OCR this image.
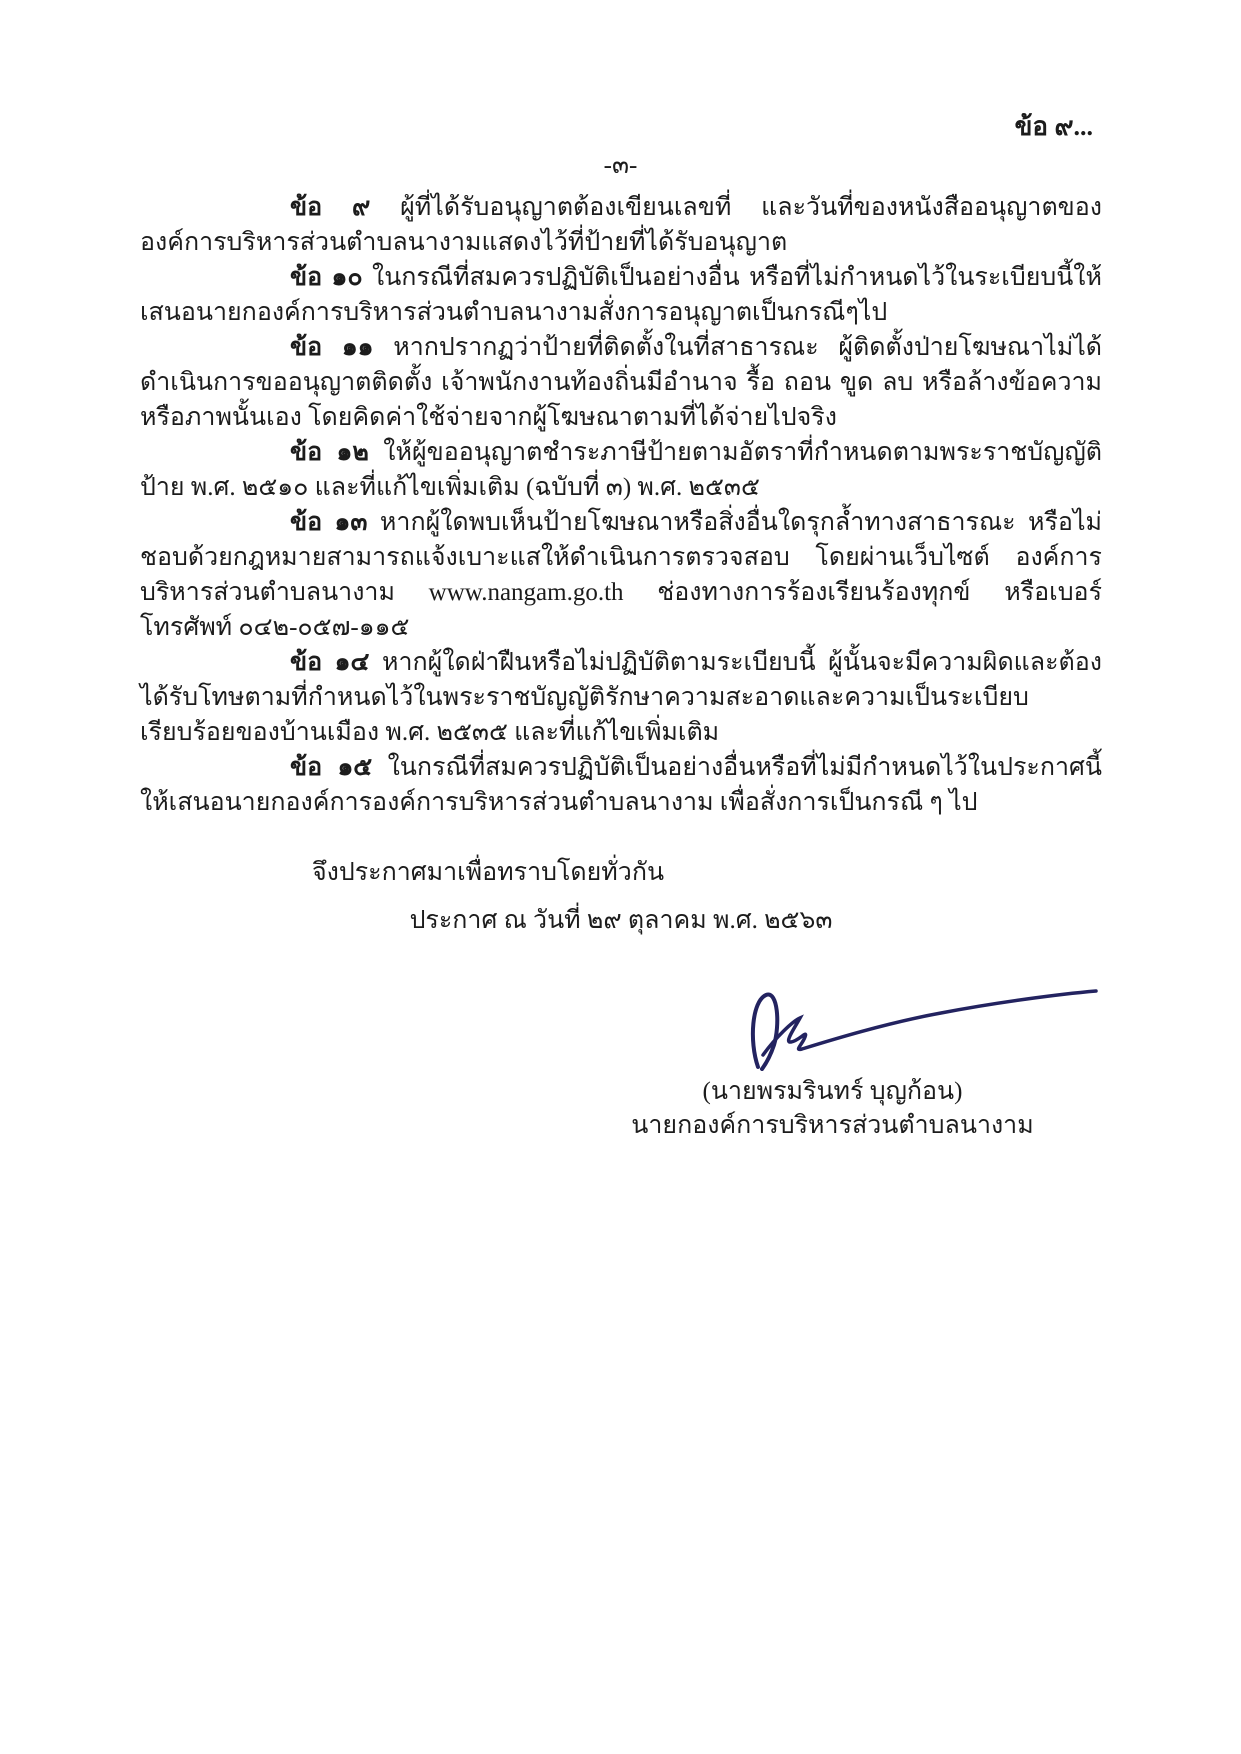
ข้อ ๙...
-๓-

ข้อ ๙ ผู้ที่ได้รับอนุญาตต้องเขียนเลขที่ และวันที่ของหนังสืออนุญาตขององค์การบริหารส่วนตำบลนางามแสดงไว้ที่ป้ายที่ได้รับอนุญาต

ข้อ ๑๐ ในกรณีที่สมควรปฏิบัติเป็นอย่างอื่น หรือที่ไม่กำหนดไว้ในระเบียบนี้ให้เสนอนายกองค์การบริหารส่วนตำบลนางามสั่งการอนุญาตเป็นกรณีๆไป

ข้อ ๑๑ หากปรากฏว่าป้ายที่ติดตั้งในที่สาธารณะ ผู้ติดตั้งป่ายโฆษณาไม่ได้ดำเนินการขออนุญาตติดตั้ง เจ้าพนักงานท้องถิ่นมีอำนาจ รื้อ ถอน ขูด ลบ หรือล้างข้อความหรือภาพนั้นเอง โดยคิดค่าใช้จ่ายจากผู้โฆษณาตามที่ได้จ่ายไปจริง

ข้อ ๑๒ ให้ผู้ขออนุญาตชำระภาษีป้ายตามอัตราที่กำหนดตามพระราชบัญญัติป้าย พ.ศ. ๒๕๑๐ และที่แก้ไขเพิ่มเติม (ฉบับที่ ๓) พ.ศ. ๒๕๓๕

ข้อ ๑๓ หากผู้ใดพบเห็นป้ายโฆษณาหรือสิ่งอื่นใดรุกล้ำทางสาธารณะ หรือไม่ชอบด้วยกฎหมายสามารถแจ้งเบาะแสให้ดำเนินการตรวจสอบ โดยผ่านเว็บไซต์ องค์การบริหารส่วนตำบลนางาม www.nangam.go.th ช่องทางการร้องเรียนร้องทุกข์ หรือเบอร์โทรศัพท์ ๐๔๒-๐๕๗-๑๑๕

ข้อ ๑๔ หากผู้ใดฝ่าฝืนหรือไม่ปฏิบัติตามระเบียบนี้ ผู้นั้นจะมีความผิดและต้องได้รับโทษตามที่กำหนดไว้ในพระราชบัญญัติรักษาความสะอาดและความเป็นระเบียบเรียบร้อยของบ้านเมือง พ.ศ. ๒๕๓๕ และที่แก้ไขเพิ่มเติม

ข้อ ๑๕ ในกรณีที่สมควรปฏิบัติเป็นอย่างอื่นหรือที่ไม่มีกำหนดไว้ในประกาศนี้ให้เสนอนายกองค์การองค์การบริหารส่วนตำบลนางาม เพื่อสั่งการเป็นกรณี ๆ ไป

จึงประกาศมาเพื่อทราบโดยทั่วกัน

ประกาศ ณ วันที่ ๒๙ ตุลาคม พ.ศ. ๒๕๖๓

(นายพรมรินทร์ บุญก้อน)

นายกองค์การบริหารส่วนตำบลนางาม
